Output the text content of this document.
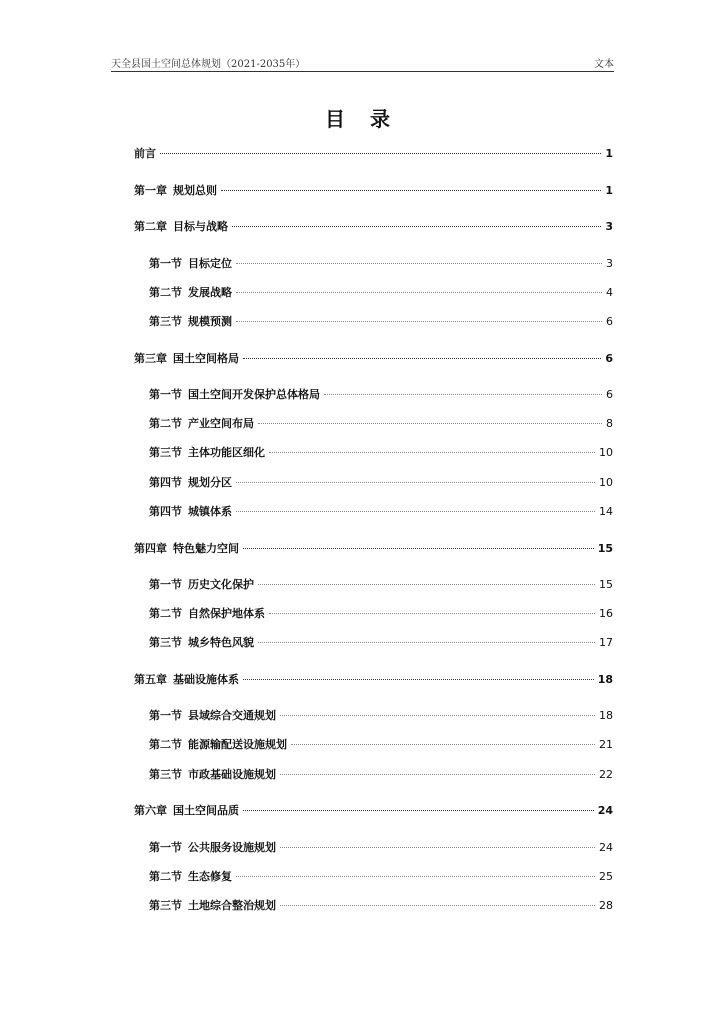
天全县国土空间总体规划（2021-2035年）	文本
目 录
前言	1
第一章 规划总则	1
第二章 目标与战略	3
第一节 目标定位	3
第二节 发展战略	4
第三节 规模预测	6
第三章 国土空间格局	6
第一节 国土空间开发保护总体格局	6
第二节 产业空间布局	8
第三节 主体功能区细化	10
第四节 规划分区	10
第四节 城镇体系	14
第四章 特色魅力空间	15
第一节 历史文化保护	15
第二节 自然保护地体系	16
第三节 城乡特色风貌	17
第五章 基础设施体系	18
第一节 县域综合交通规划	18
第二节 能源输配送设施规划	21
第三节 市政基础设施规划	22
第六章 国土空间品质	24
第一节 公共服务设施规划	24
第二节 生态修复	25
第三节 土地综合整治规划	28
